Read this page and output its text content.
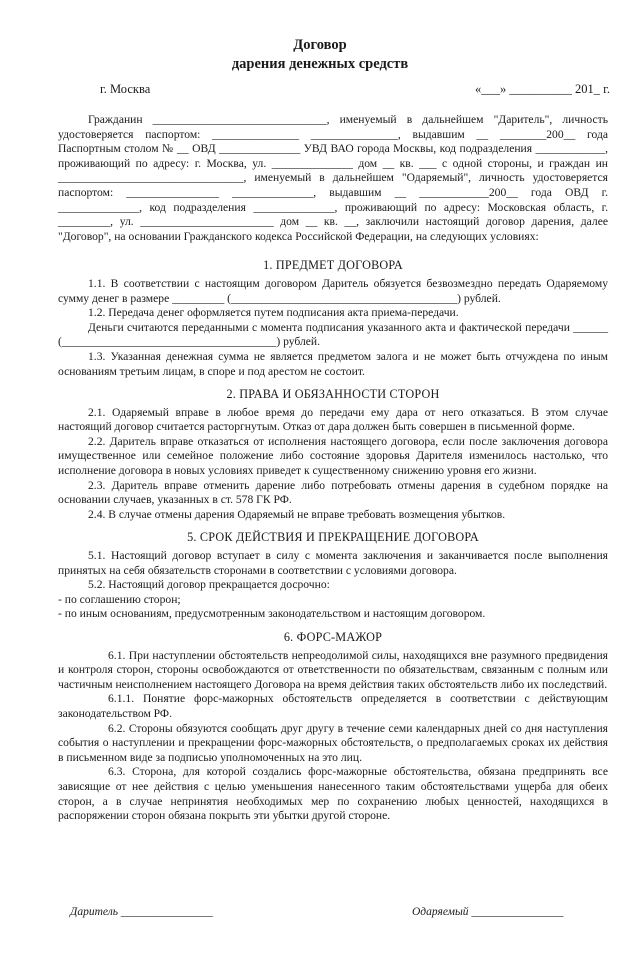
Договор
дарения денежных средств
г. Москва	«___» __________ 201_ г.

Гражданин ______________________________, именуемый в дальнейшем "Даритель", личность удостоверяется паспортом: _______________ _______________, выдавшим __ ________200__ года Паспортным столом № __ ОВД ______________ УВД ВАО города Москвы, код подразделения ____________, проживающий по адресу: г. Москва, ул. ______________ дом __ кв. ___ с одной стороны, и граждан ин ________________________________, именуемый в дальнейшем "Одаряемый", личность удостоверяется паспортом: ________________ ______________, выдавшим __ ____________200__ года ОВД г. ______________, код подразделения ______________, проживающий по адресу: Московская область, г. _________, ул. _______________________ дом __ кв. __, заключили настоящий договор дарения, далее "Договор", на основании Гражданского кодекса Российской Федерации, на следующих условиях:

1. ПРЕДМЕТ ДОГОВОРА

1.1. В соответствии с настоящим договором Даритель обязуется безвозмездно передать Одаряемому сумму денег в размере _________ (_______________________________________) рублей.

1.2. Передача денег оформляется путем подписания акта приема-передачи.

Деньги считаются переданными с момента подписания указанного акта и фактической передачи ______ (_____________________________________) рублей.

1.3. Указанная денежная сумма не является предметом залога и не может быть отчуждена по иным основаниям третьим лицам, в споре и под арестом не состоит.

2. ПРАВА И ОБЯЗАННОСТИ СТОРОН

2.1. Одаряемый вправе в любое время до передачи ему дара от него отказаться. В этом случае настоящий договор считается расторгнутым. Отказ от дара должен быть совершен в письменной форме.

2.2. Даритель вправе отказаться от исполнения настоящего договора, если после заключения договора имущественное или семейное положение либо состояние здоровья Дарителя изменилось настолько, что исполнение договора в новых условиях приведет к существенному снижению уровня его жизни.

2.3. Даритель вправе отменить дарение либо потребовать отмены дарения в судебном порядке на основании случаев, указанных в ст. 578 ГК РФ.

2.4. В случае отмены дарения Одаряемый не вправе требовать возмещения убытков.

5. СРОК ДЕЙСТВИЯ И ПРЕКРАЩЕНИЕ ДОГОВОРА

5.1. Настоящий договор вступает в силу с момента заключения и заканчивается после выполнения принятых на себя обязательств сторонами в соответствии с условиями договора.

5.2. Настоящий договор прекращается досрочно:

- по соглашению сторон;

- по иным основаниям, предусмотренным законодательством и настоящим договором.

6. ФОРС-МАЖОР

6.1. При наступлении обстоятельств непреодолимой силы, находящихся вне разумного предвидения и контроля сторон, стороны освобождаются от ответственности по обязательствам, связанным с полным или частичным неисполнением настоящего Договора на время действия таких обстоятельств либо их последствий.

6.1.1. Понятие форс-мажорных обстоятельств определяется в соответствии с действующим законодательством РФ.

6.2. Стороны обязуются сообщать друг другу в течение семи календарных дней со дня наступления события о наступлении и прекращении форс-мажорных обстоятельств, о предполагаемых сроках их действия в письменном виде за подписью уполномоченных на это лиц.

6.3. Сторона, для которой создались форс-мажорные обстоятельства, обязана предпринять все зависящие от нее действия с целью уменьшения нанесенного таким обстоятельствами ущерба для обеих сторон, а в случае непринятия необходимых мер по сохранению любых ценностей, находящихся в распоряжении сторон обязана покрыть эти убытки другой стороне.

Даритель ________________	Одаряемый ________________
